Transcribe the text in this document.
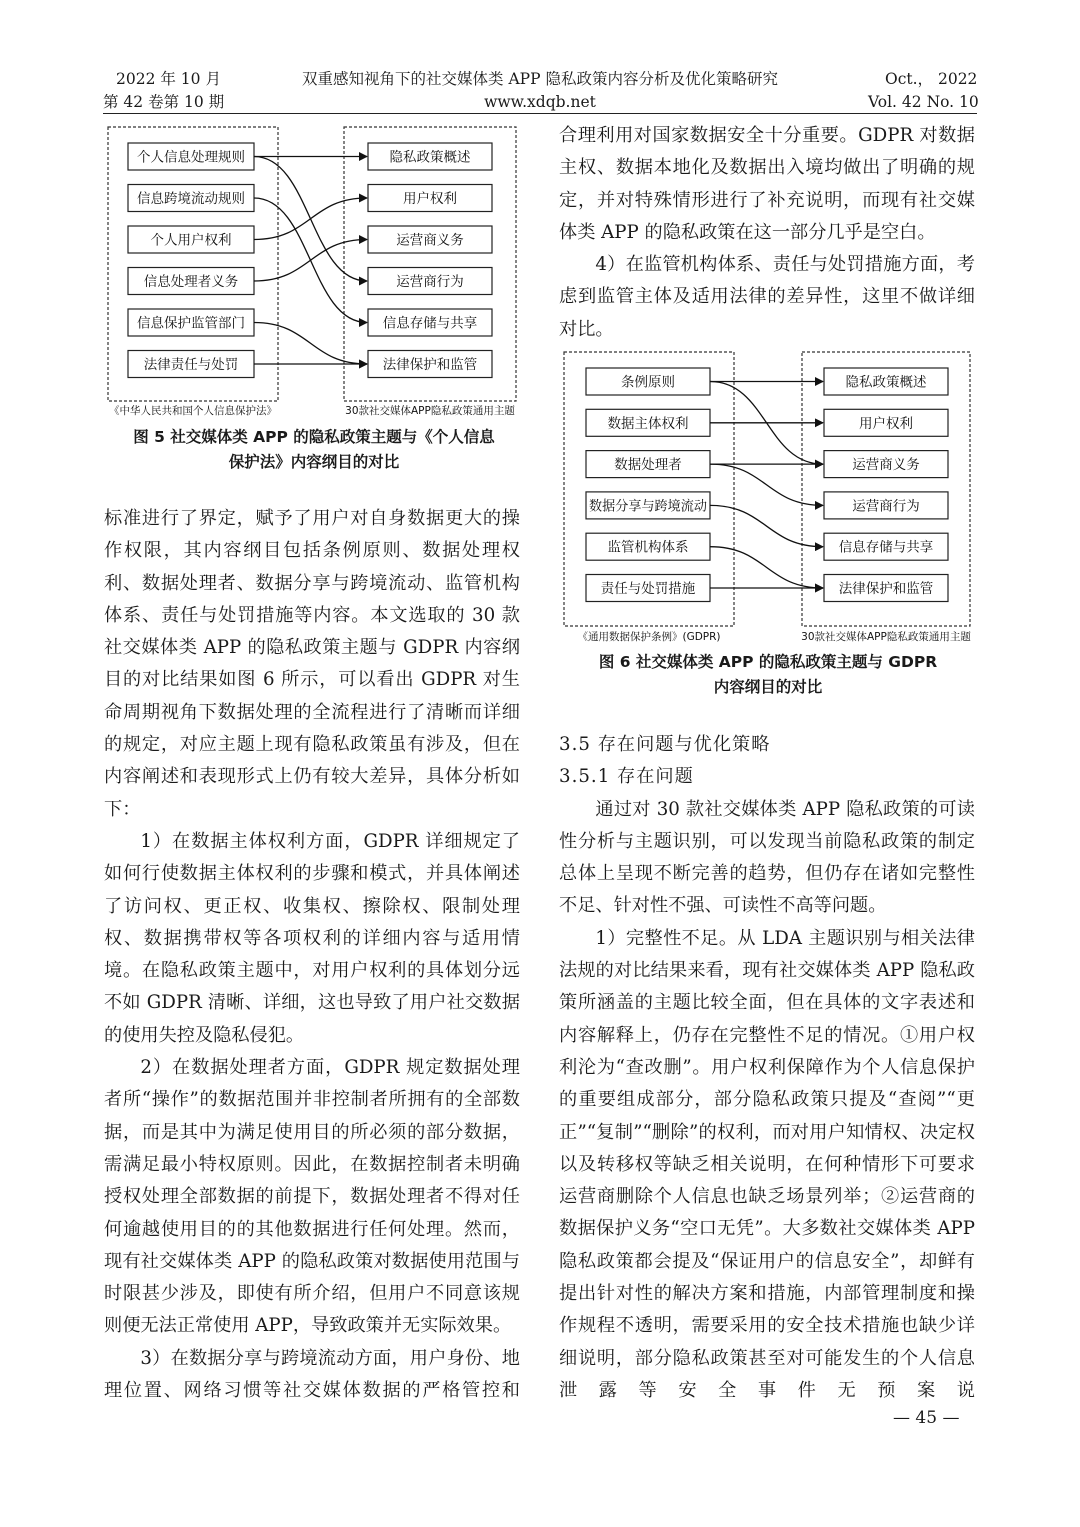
2022 年 10 月
第 42 卷第 10 期
双重感知视角下的社交媒体类 APP 隐私政策内容分析及优化策略研究
www.xdqb.net
Oct.， 2022
Vol. 42 No. 10
个人信息处理规则
信息跨境流动规则
个人用户权利
信息处理者义务
信息保护监管部门
法律责任与处罚
隐私政策概述
用户权利
运营商义务
运营商行为
信息存储与共享
法律保护和监管
《中华人民共和国个人信息保护法》	30款社交媒体APP隐私政策通用主题
图 5 社交媒体类 APP 的隐私政策主题与《个人信息
保护法》内容纲目的对比

标准进行了界定，赋予了用户对自身数据更大的操作权限，其内容纲目包括条例原则、数据处理权利、数据处理者、数据分享与跨境流动、监管机构体系、责任与处罚措施等内容。本文选取的 30 款社交媒体类 APP 的隐私政策主题与 GDPR 内容纲目的对比结果如图 6 所示，可以看出 GDPR 对生命周期视角下数据处理的全流程进行了清晰而详细的规定，对应主题上现有隐私政策虽有涉及，但在内容阐述和表现形式上仍有较大差异，具体分析如下：

1）在数据主体权利方面，GDPR 详细规定了如何行使数据主体权利的步骤和模式，并具体阐述了访问权、更正权、收集权、擦除权、限制处理权、数据携带权等各项权利的详细内容与适用情境。在隐私政策主题中，对用户权利的具体划分远不如 GDPR 清晰、详细，这也导致了用户社交数据的使用失控及隐私侵犯。

2）在数据处理者方面，GDPR 规定数据处理者所“操作”的数据范围并非控制者所拥有的全部数据，而是其中为满足使用目的所必须的部分数据，需满足最小特权原则。因此，在数据控制者未明确授权处理全部数据的前提下，数据处理者不得对任何逾越使用目的的其他数据进行任何处理。然而，现有社交媒体类 APP 的隐私政策对数据使用范围与时限甚少涉及，即使有所介绍，但用户不同意该规则便无法正常使用 APP，导致政策并无实际效果。

3）在数据分享与跨境流动方面，用户身份、地理位置、网络习惯等社交媒体数据的严格管控和

合理利用对国家数据安全十分重要。GDPR 对数据主权、数据本地化及数据出入境均做出了明确的规定，并对特殊情形进行了补充说明，而现有社交媒体类 APP 的隐私政策在这一部分几乎是空白。

4）在监管机构体系、责任与处罚措施方面，考虑到监管主体及适用法律的差异性，这里不做详细对比。

条例原则
数据主体权利
数据处理者
数据分享与跨境流动
监管机构体系
责任与处罚措施
隐私政策概述
用户权利
运营商义务
运营商行为
信息存储与共享
法律保护和监管
《通用数据保护条例》(GDPR)	30款社交媒体APP隐私政策通用主题
图 6 社交媒体类 APP 的隐私政策主题与 GDPR
内容纲目的对比

3.5 存在问题与优化策略

3.5.1 存在问题

通过对 30 款社交媒体类 APP 隐私政策的可读性分析与主题识别，可以发现当前隐私政策的制定总体上呈现不断完善的趋势，但仍存在诸如完整性不足、针对性不强、可读性不高等问题。

1）完整性不足。从 LDA 主题识别与相关法律法规的对比结果来看，现有社交媒体类 APP 隐私政策所涵盖的主题比较全面，但在具体的文字表述和内容解释上，仍存在完整性不足的情况。①用户权利沦为“查改删”。用户权利保障作为个人信息保护的重要组成部分，部分隐私政策只提及“查阅”“更正”“复制”“删除”的权利，而对用户知情权、决定权以及转移权等缺乏相关说明，在何种情形下可要求运营商删除个人信息也缺乏场景列举；②运营商的数据保护义务“空口无凭”。大多数社交媒体类 APP 隐私政策都会提及“保证用户的信息安全”，却鲜有提出针对性的解决方案和措施，内部管理制度和操作规程不透明，需要采用的安全技术措施也缺少详细说明，部分隐私政策甚至对可能发生的个人信息泄露等安全事件无预案说

— 45 —
